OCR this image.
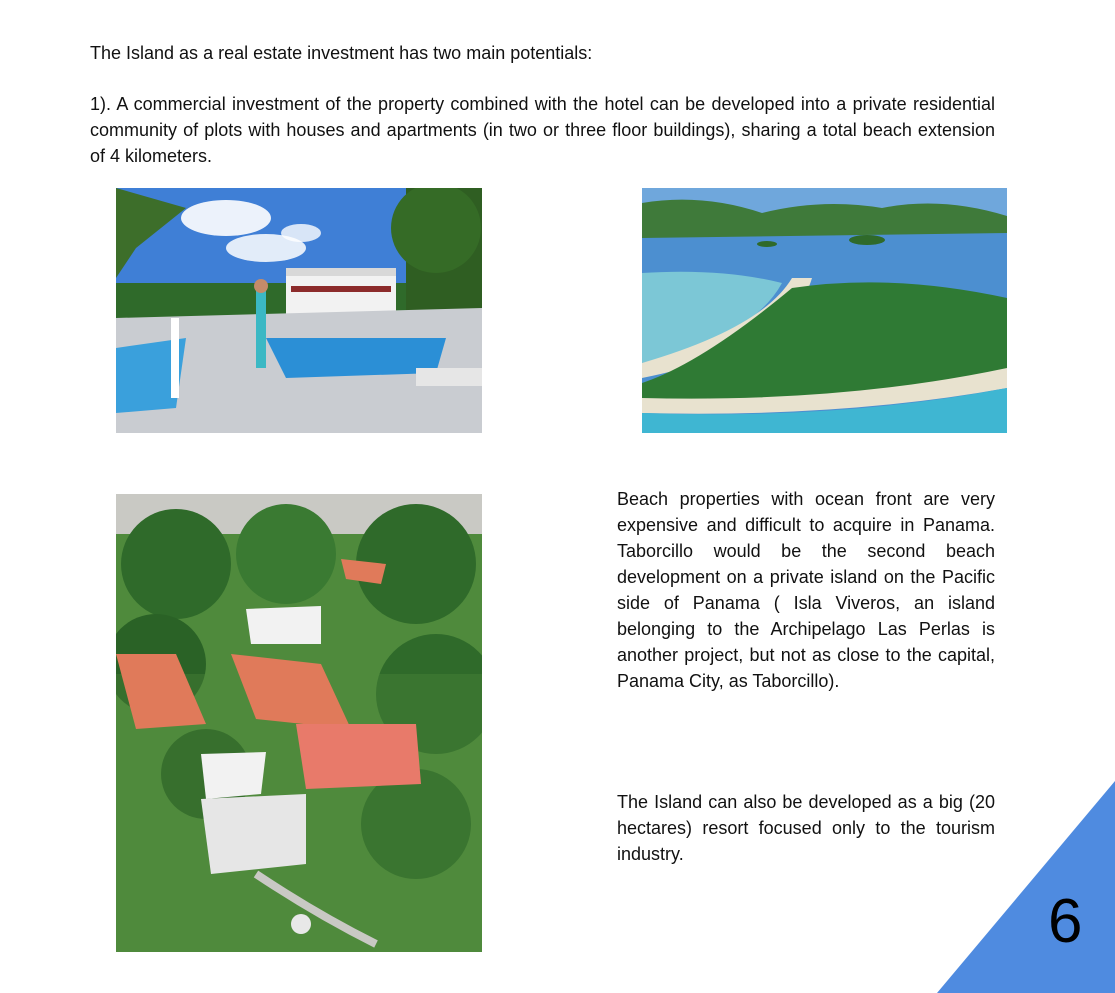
The Island as a real estate investment has two main potentials:
1). A commercial investment of the property combined with the hotel can be developed into a private residential community of plots with houses and apartments (in two or three floor buildings), sharing a total beach extension of 4 kilometers.
Beach properties with ocean front are very expensive and difficult to acquire in Panama. Taborcillo would be the second beach development on a private island on the Pacific side of Panama ( Isla Viveros, an island belonging to the Archipelago Las Perlas is another project, but not as close to the capital, Panama City, as Taborcillo).
The Island can also be developed as a big (20 hectares) resort focused only to the tourism industry.
6
